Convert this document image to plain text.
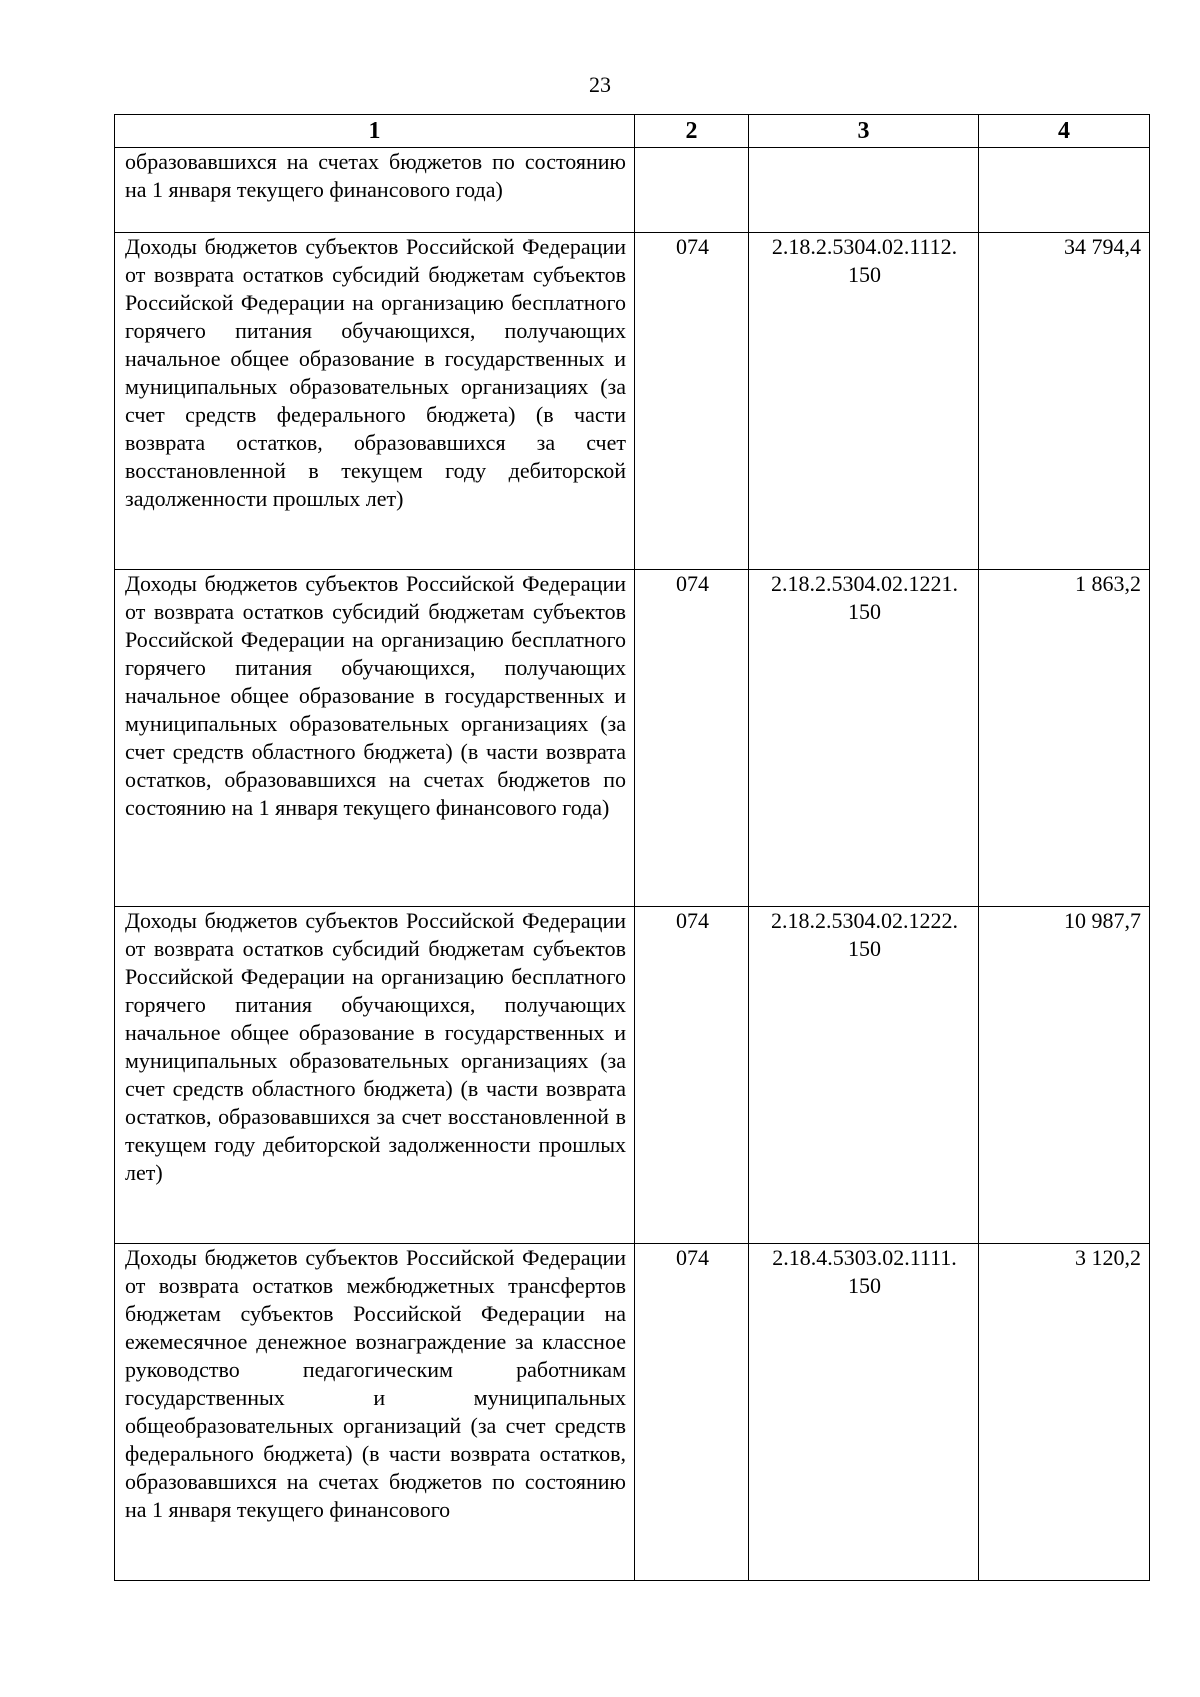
23
1	2	3	4
образовавшихся на счетах бюджетов по состоянию на 1 января текущего финансового года)			
Доходы бюджетов субъектов Российской Федерации от возврата остатков субсидий бюджетам субъектов Российской Федерации на организацию бесплатного горячего питания обучающихся, получающих начальное общее образование в государственных и муниципальных образовательных организациях (за счет средств федерального бюджета) (в части возврата остатков, образовавшихся за счет восстановленной в текущем году дебиторской задолженности прошлых лет)	074	2.18.2.5304.02.1112. 150	34 794,4
Доходы бюджетов субъектов Российской Федерации от возврата остатков субсидий бюджетам субъектов Российской Федерации на организацию бесплатного горячего питания обучающихся, получающих начальное общее образование в государственных и муниципальных образовательных организациях (за счет средств областного бюджета) (в части возврата остатков, образовавшихся на счетах бюджетов по состоянию на 1 января текущего финансового года)	074	2.18.2.5304.02.1221. 150	1 863,2
Доходы бюджетов субъектов Российской Федерации от возврата остатков субсидий бюджетам субъектов Российской Федерации на организацию бесплатного горячего питания обучающихся, получающих начальное общее образование в государственных и муниципальных образовательных организациях (за счет средств областного бюджета) (в части возврата остатков, образовавшихся за счет восстановленной в текущем году дебиторской задолженности прошлых лет)	074	2.18.2.5304.02.1222. 150	10 987,7
Доходы бюджетов субъектов Российской Федерации от возврата остатков межбюджетных трансфертов бюджетам субъектов Российской Федерации на ежемесячное денежное вознаграждение за классное руководство педагогическим работникам государственных и муниципальных общеобразовательных организаций (за счет средств федерального бюджета) (в части возврата остатков, образовавшихся на счетах бюджетов по состоянию на 1 января текущего финансового	074	2.18.4.5303.02.1111. 150	3 120,2
